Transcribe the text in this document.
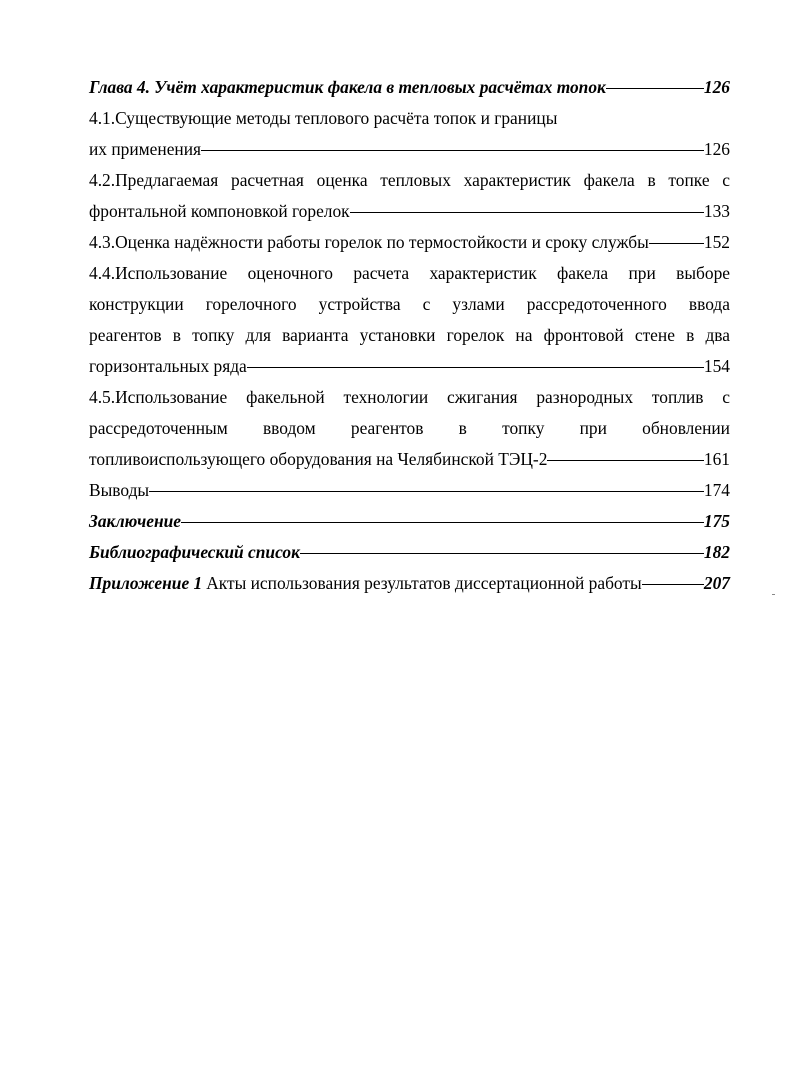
Глава 4. Учёт характеристик факела в тепловых расчётах топок	126
4.1.Существующие методы теплового расчёта топок и границы
их применения	126
4.2.Предлагаемая расчетная оценка тепловых характеристик факела в топке с
фронтальной компоновкой горелок	133
4.3.Оценка надёжности работы горелок по термостойкости и сроку службы	152
4.4.Использование оценочного расчета характеристик факела при выборе
конструкции горелочного устройства с узлами рассредоточенного ввода
реагентов в топку для варианта установки горелок на фронтовой стене в два
горизонтальных ряда	154
4.5.Использование факельной технологии сжигания разнородных топлив с
рассредоточенным вводом реагентов в топку при обновлении
топливоиспользующего оборудования на Челябинской ТЭЦ-2	161
Выводы	174
Заключение	175
Библиографический список	182
Приложение 1 Акты использования результатов диссертационной работы	207
